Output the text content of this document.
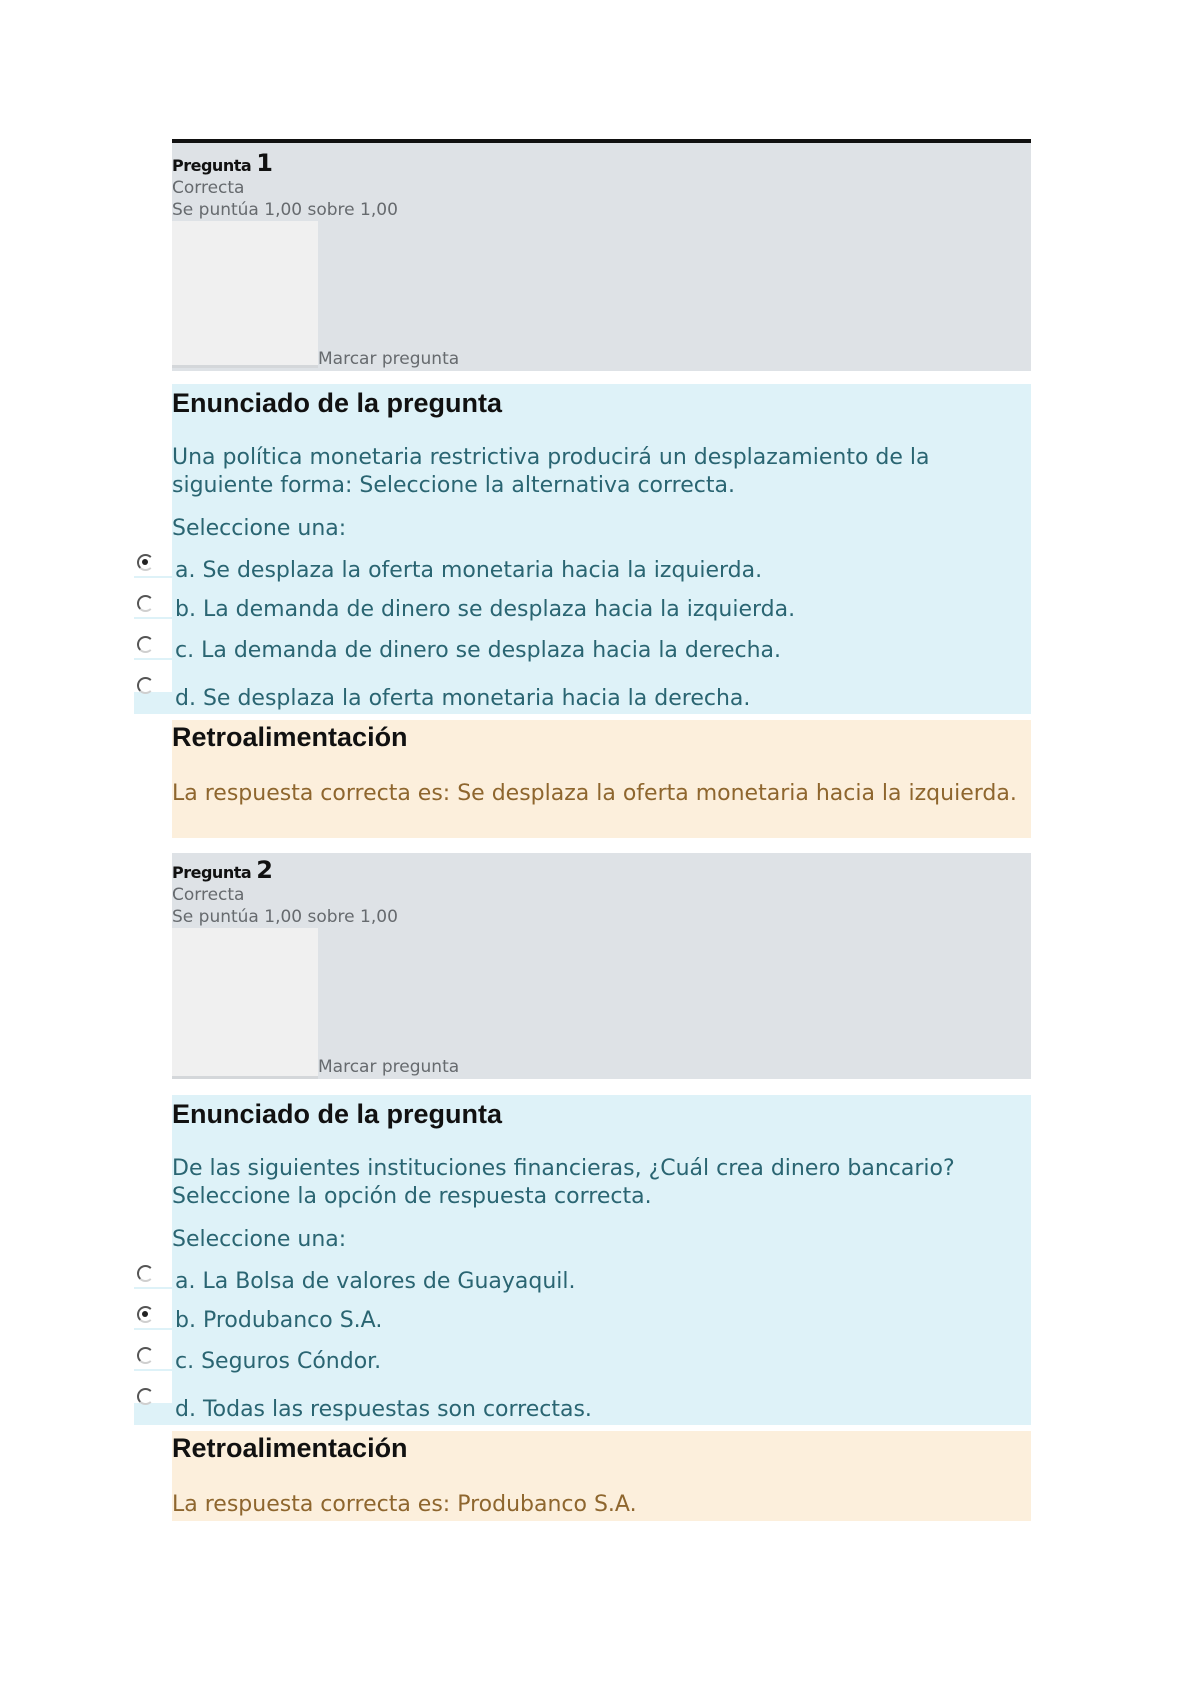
Pregunta 1
Correcta
Se puntúa 1,00 sobre 1,00
Marcar pregunta
Enunciado de la pregunta
Una política monetaria restrictiva producirá un desplazamiento de la siguiente forma: Seleccione la alternativa correcta.
Seleccione una:
a. Se desplaza la oferta monetaria hacia la izquierda.
b. La demanda de dinero se desplaza hacia la izquierda.
c. La demanda de dinero se desplaza hacia la derecha.
d. Se desplaza la oferta monetaria hacia la derecha.
Retroalimentación
La respuesta correcta es: Se desplaza la oferta monetaria hacia la izquierda.
Pregunta 2
Correcta
Se puntúa 1,00 sobre 1,00
Marcar pregunta
Enunciado de la pregunta
De las siguientes instituciones financieras, ¿Cuál crea dinero bancario? Seleccione la opción de respuesta correcta.
Seleccione una:
a. La Bolsa de valores de Guayaquil.
b. Produbanco S.A.
c. Seguros Cóndor.
d. Todas las respuestas son correctas.
Retroalimentación
La respuesta correcta es: Produbanco S.A.
